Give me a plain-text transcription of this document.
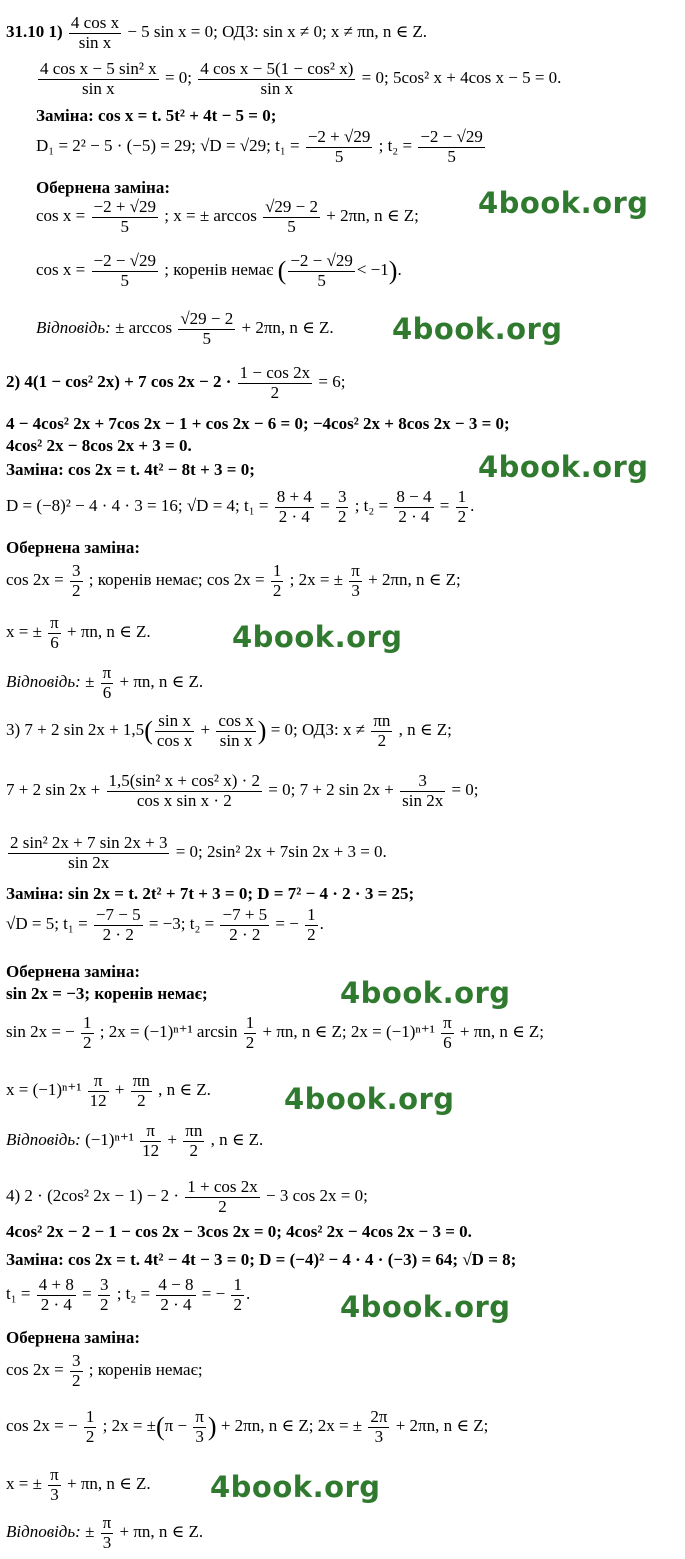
31.10 $1) \frac{\text{4 cos x}}{\text{sin x}} - 5$ sin x = 0; ОДЗ: sin x ≠ 0; x ≠ πn, n ∈ Z.
$\frac{\text{4 cos x − 5 sin² x}}{\text{sin x}} = 0$; $\frac{\text{4 cos x − 5(1 − cos² x)}}{\text{sin x}} = 0$; 5cos² x + 4cos x − 5 = 0.
Заміна: cos x = t. 5t² + 4t − 5 = 0;
D₁ = 2² − 5 · (−5) = 29; √D = √29; $t_1 = \frac{-2 + √29}{5}$ ; $t_2 = \frac{-2 - √29}{5}$
Обернена заміна:
$\cos x = \frac{-2 + √29}{5}$ ; x = ± $\arccos \frac{√29 - 2}{5} + 2\pi n$, n ∈ Z; 4book.org
$\cos x = \frac{-2 - √29}{5}$ ; коренів немає ( $\frac{-2 - √29}{5} < -1$).
Відповідь: ± $\arccos \frac{√29 - 2}{5} + 2\pi n$, n ∈ Z. 4book.org
2) 4(1 − cos² 2x) + 7 $\cos 2x - 2 \cdot \frac{1 - \cos 2x}{2} = 6$;
4 − 4cos² 2x + 7cos 2x − 1 + cos 2x − 6 = 0; −4cos² 2x + 8cos 2x − 3 = 0;
4cos² 2x − 8cos 2x + 3 = 0.
Заміна: cos 2x = t. 4t² − 8t + 3 = 0;	4book.org
D = (−8)² − 4 · 4 · 3 = 16; √D = 4; $t_1 = \frac{8 + 4}{2 \cdot 4} = \frac{3}{2}$ ; $t_2 = \frac{8 - 4}{2 \cdot 4} = \frac{1}{2}$ .
Обернена заміна:
$\cos 2x = \frac{3}{2}$ ; коренів немає; $\cos 2x = \frac{1}{2}$ ; 2x = ± $\frac{\pi}{3} + 2\pi n$, n ∈ Z;
x = ± $\frac{\pi}{6} + \pi n$, n ∈ Z.	4book.org
Відповідь: ± $\frac{\pi}{6} + \pi n$, n ∈ Z.
3) 7 + 2 $\sin 2x + 1,5( \frac{\text{sin x}}{\text{cos x}} + \frac{\text{cos x}}{\text{sin x}}$ ) = 0; ОДЗ: $x \ne \frac{\pi n}{2}$ , n ∈ Z;
7 + 2 $\sin 2x + \frac{\text{1,5(sin² x + cos² x) · 2}}{\text{cos x sin x · 2}} = 0$; 7 + 2 $\sin 2x + \frac{3}{\sin 2x} = 0$;
$\frac{\text{2 sin² 2x + 7 sin 2x + 3}}{\sin 2x} = 0$; 2sin² 2x + 7sin 2x + 3 = 0.
Заміна: sin 2x = t. 2t² + 7t + 3 = 0; D = 7² − 4 · 2 · 3 = 25;
√D = 5; $t_1 = \frac{-7 - 5}{2 \cdot 2} = -3$; $t_2 = \frac{-7 + 5}{2 \cdot 2}$ = − $\frac{1}{2}$ .
Обернена заміна:
sin 2x = −3; коренів немає;	4book.org
sin 2x = − $\frac{1}{2}$ ; 2x = (−1)ⁿ⁺¹ $\arcsin \frac{1}{2} + \pi n$, n ∈ Z; $2x = (-1)^{n+1} \frac{\pi}{6} + \pi n$, n ∈ Z;
$x = (-1)^{n+1} \frac{\pi}{12} + \frac{\pi n}{2}$ , n ∈ Z.	4book.org
Відповідь: $(-1)^{n+1} \frac{\pi}{12} + \frac{\pi n}{2}$ , n ∈ Z.
4) 2 · (2cos² $2x - 1) - 2 \cdot \frac{1 + \cos 2x}{2} - 3$ cos 2x = 0;
4cos² 2x − 2 − 1 − cos 2x − 3cos 2x = 0; 4cos² 2x − 4cos 2x − 3 = 0.
Заміна: cos 2x = t. 4t² − 4t − 3 = 0; D = (−4)² − 4 · 4 · (−3) = 64; √D = 8;
$t_1 = \frac{4 + 8}{2 \cdot 4} = \frac{3}{2}$ ; $t_2 = \frac{4 - 8}{2 \cdot 4}$ = − $\frac{1}{2}$ .	4book.org
Обернена заміна:
$\cos 2x = \frac{3}{2}$ ; коренів немає;
cos 2x = − $\frac{1}{2}$ ; $2x = \pm(\pi - \frac{\pi}{3}$ ) + 2πn, n ∈ Z; 2x = ± $\frac{2\pi}{3} + 2\pi n$, n ∈ Z;
x = ± $\frac{\pi}{3} + \pi n$, n ∈ Z. 4book.org
Відповідь: ± $\frac{\pi}{3} + \pi n$, n ∈ Z.
